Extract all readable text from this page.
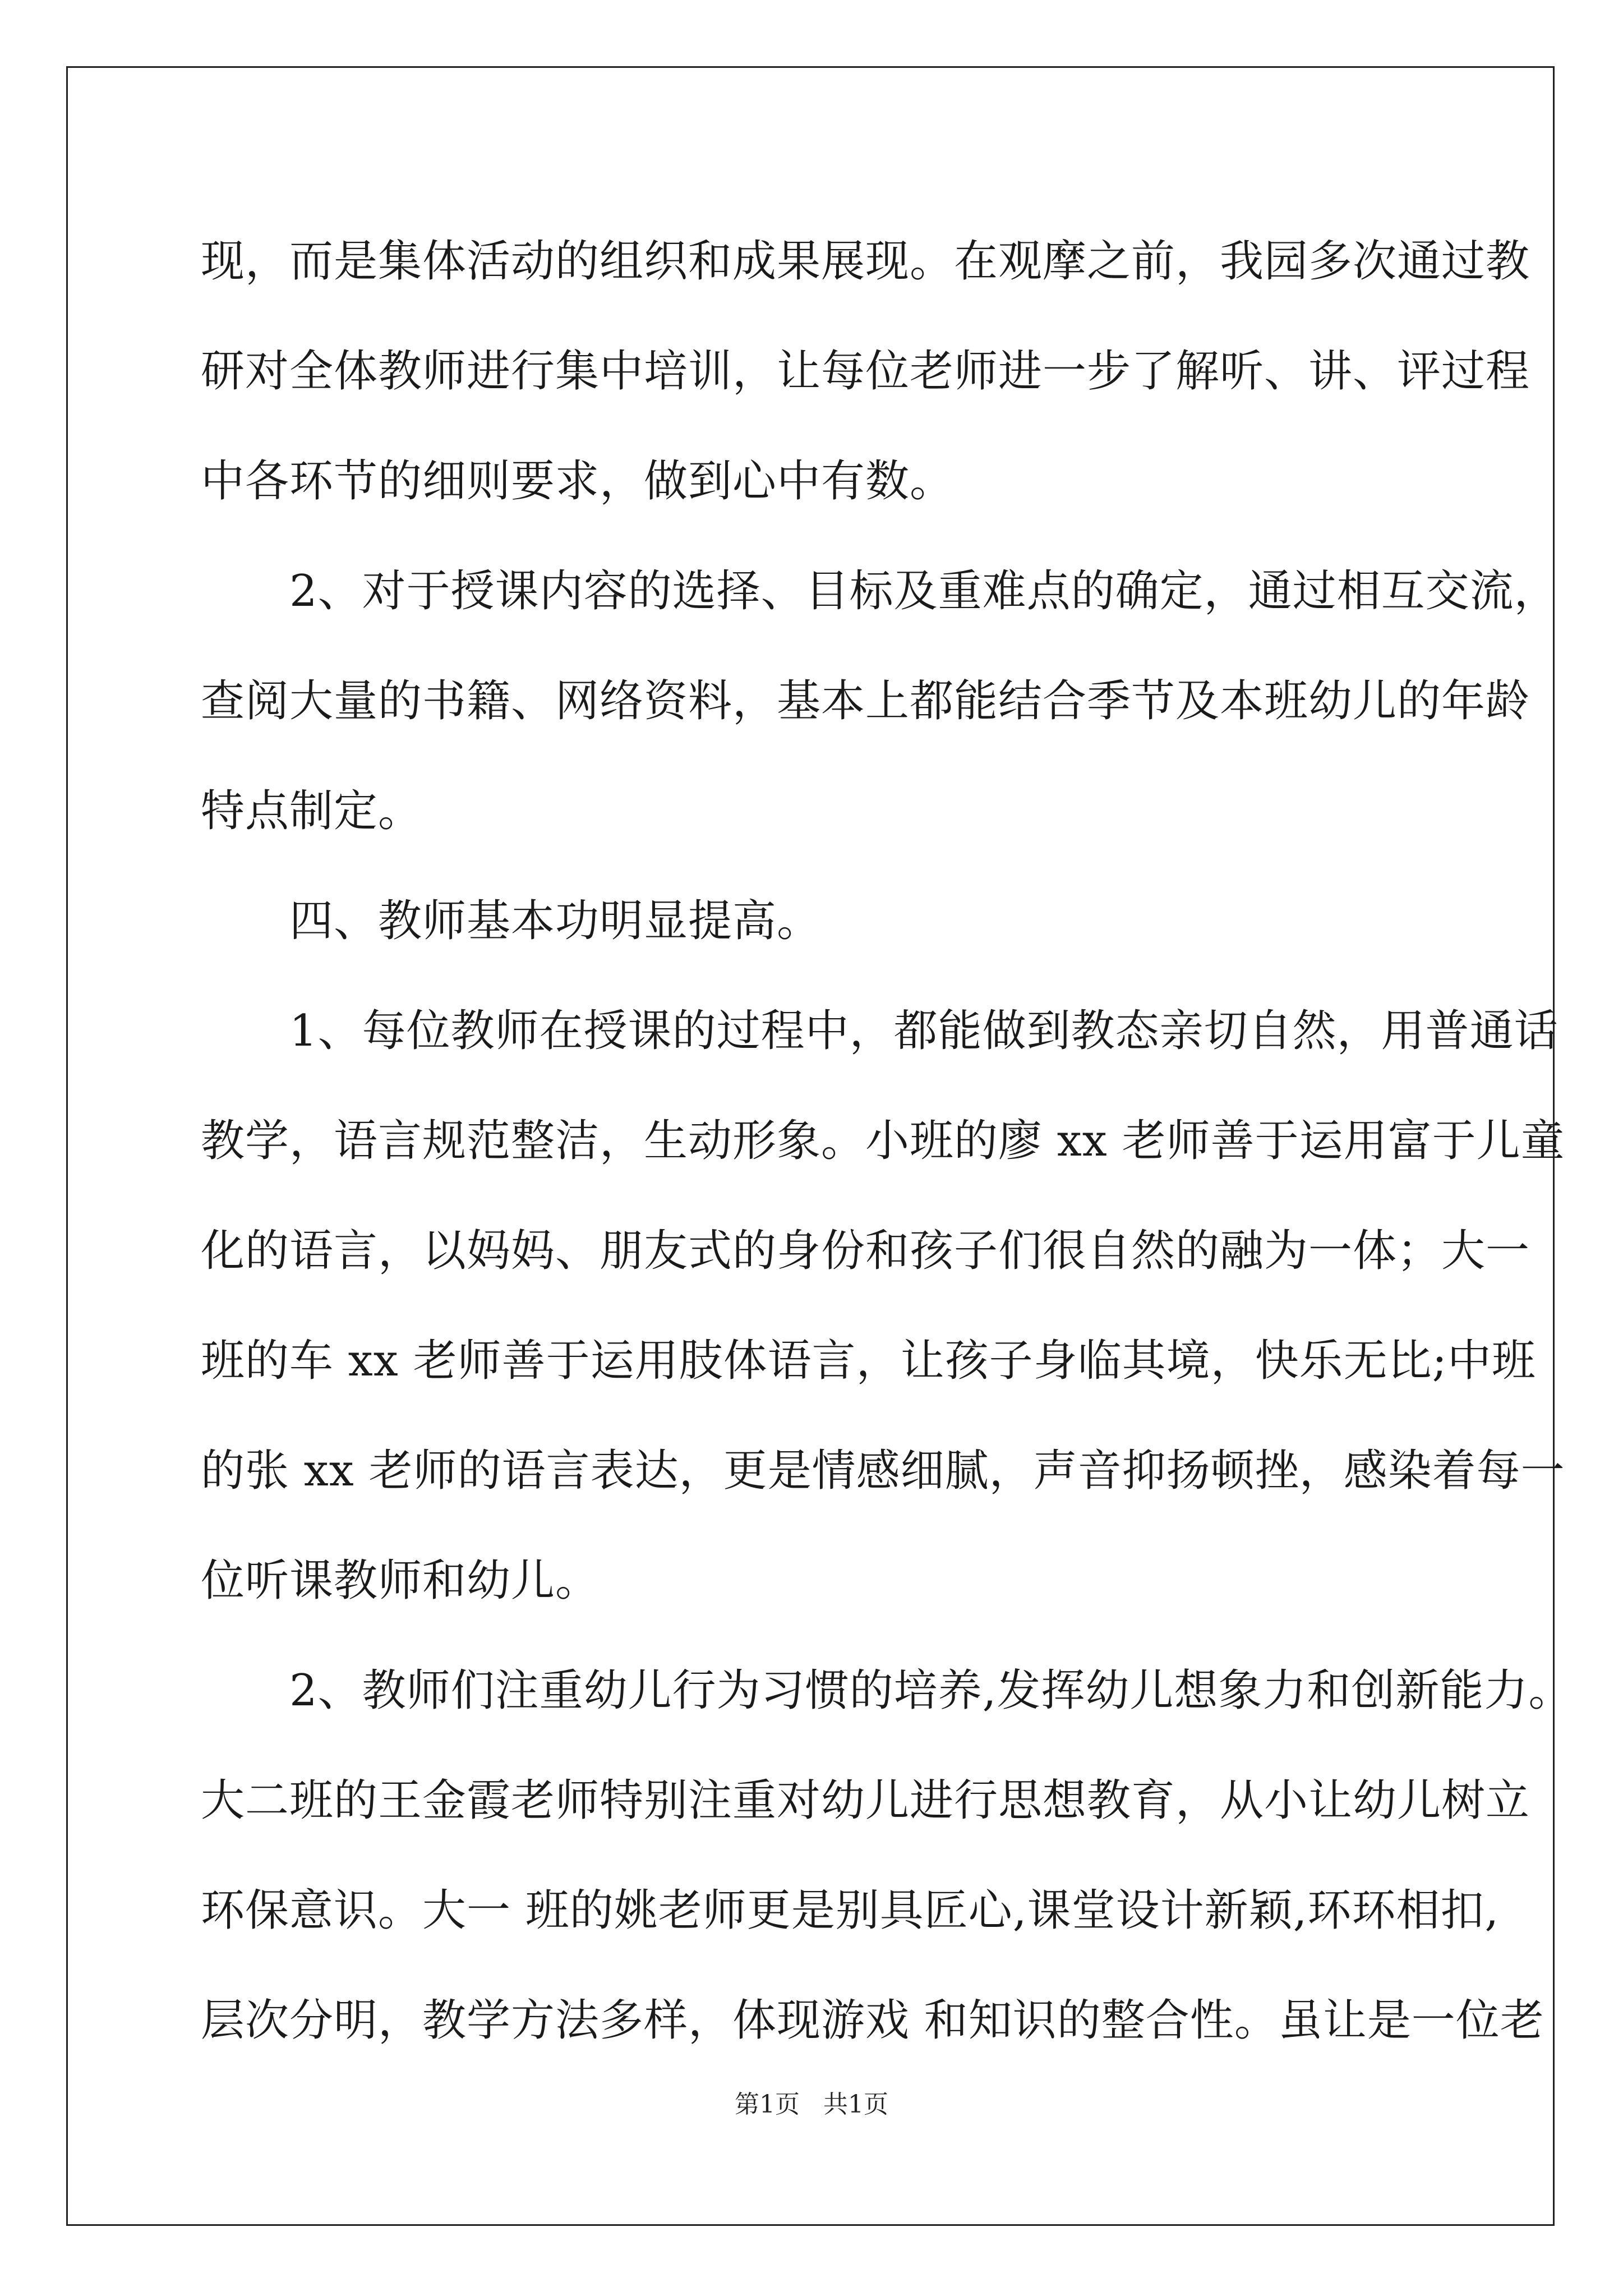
现，而是集体活动的组织和成果展现。在观摩之前，我园多次通过教
研对全体教师进行集中培训，让每位老师进一步了解听、讲、评过程
中各环节的细则要求，做到心中有数。
　　2、对于授课内容的选择、目标及重难点的确定，通过相互交流，
查阅大量的书籍、网络资料，基本上都能结合季节及本班幼儿的年龄
特点制定。
　　四、教师基本功明显提高。
　　1、每位教师在授课的过程中，都能做到教态亲切自然，用普通话
教学，语言规范整洁，生动形象。小班的廖 xx 老师善于运用富于儿童
化的语言，以妈妈、朋友式的身份和孩子们很自然的融为一体；大一
班的车 xx 老师善于运用肢体语言，让孩子身临其境，快乐无比;中班
的张 xx 老师的语言表达，更是情感细腻，声音抑扬顿挫，感染着每一
位听课教师和幼儿。
　　2、教师们注重幼儿行为习惯的培养,发挥幼儿想象力和创新能力。
大二班的王金霞老师特别注重对幼儿进行思想教育，从小让幼儿树立
环保意识。大一 班的姚老师更是别具匠心,课堂设计新颖,环环相扣,
层次分明，教学方法多样，体现游戏 和知识的整合性。虽让是一位老
第1页   共1页
